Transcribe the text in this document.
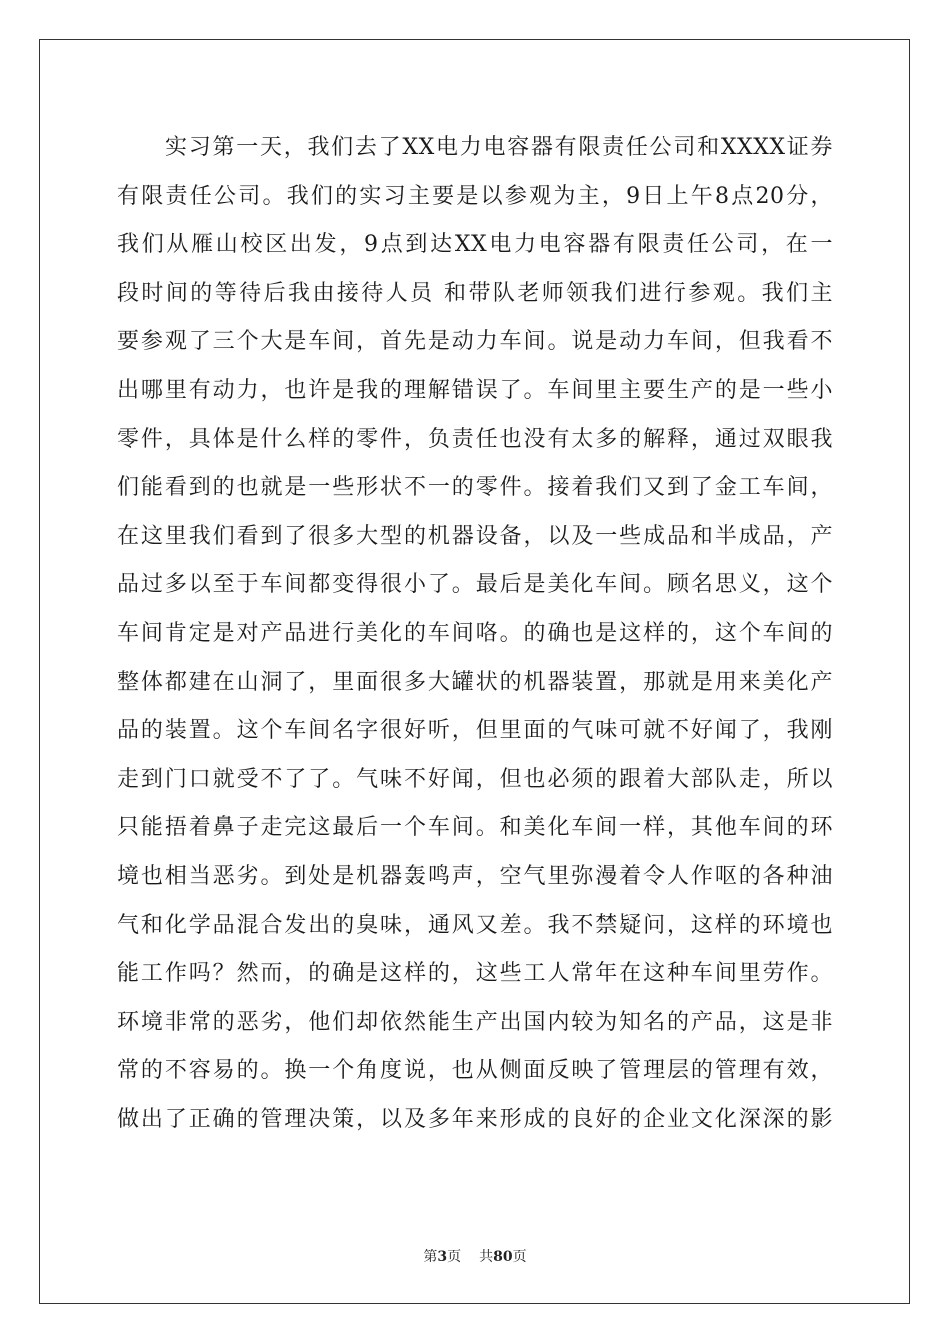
实习第一天，我们去了XX电力电容器有限责任公司和XXXX证券
有限责任公司。我们的实习主要是以参观为主，9日上午8点20分，
我们从雁山校区出发，9点到达XX电力电容器有限责任公司，在一
段时间的等待后我由接待人员 和带队老师领我们进行参观。我们主
要参观了三个大是车间，首先是动力车间。说是动力车间，但我看不
出哪里有动力，也许是我的理解错误了。车间里主要生产的是一些小
零件，具体是什么样的零件，负责任也没有太多的解释，通过双眼我
们能看到的也就是一些形状不一的零件。接着我们又到了金工车间，
在这里我们看到了很多大型的机器设备，以及一些成品和半成品，产
品过多以至于车间都变得很小了。最后是美化车间。顾名思义，这个
车间肯定是对产品进行美化的车间咯。的确也是这样的，这个车间的
整体都建在山洞了，里面很多大罐状的机器装置，那就是用来美化产
品的装置。这个车间名字很好听，但里面的气味可就不好闻了，我刚
走到门口就受不了了。气味不好闻，但也必须的跟着大部队走，所以
只能捂着鼻子走完这最后一个车间。和美化车间一样，其他车间的环
境也相当恶劣。到处是机器轰鸣声，空气里弥漫着令人作呕的各种油
气和化学品混合发出的臭味，通风又差。我不禁疑问，这样的环境也
能工作吗？然而，的确是这样的，这些工人常年在这种车间里劳作。
环境非常的恶劣，他们却依然能生产出国内较为知名的产品，这是非
常的不容易的。换一个角度说，也从侧面反映了管理层的管理有效，
做出了正确的管理决策，以及多年来形成的良好的企业文化深深的影
第3页 共80页
